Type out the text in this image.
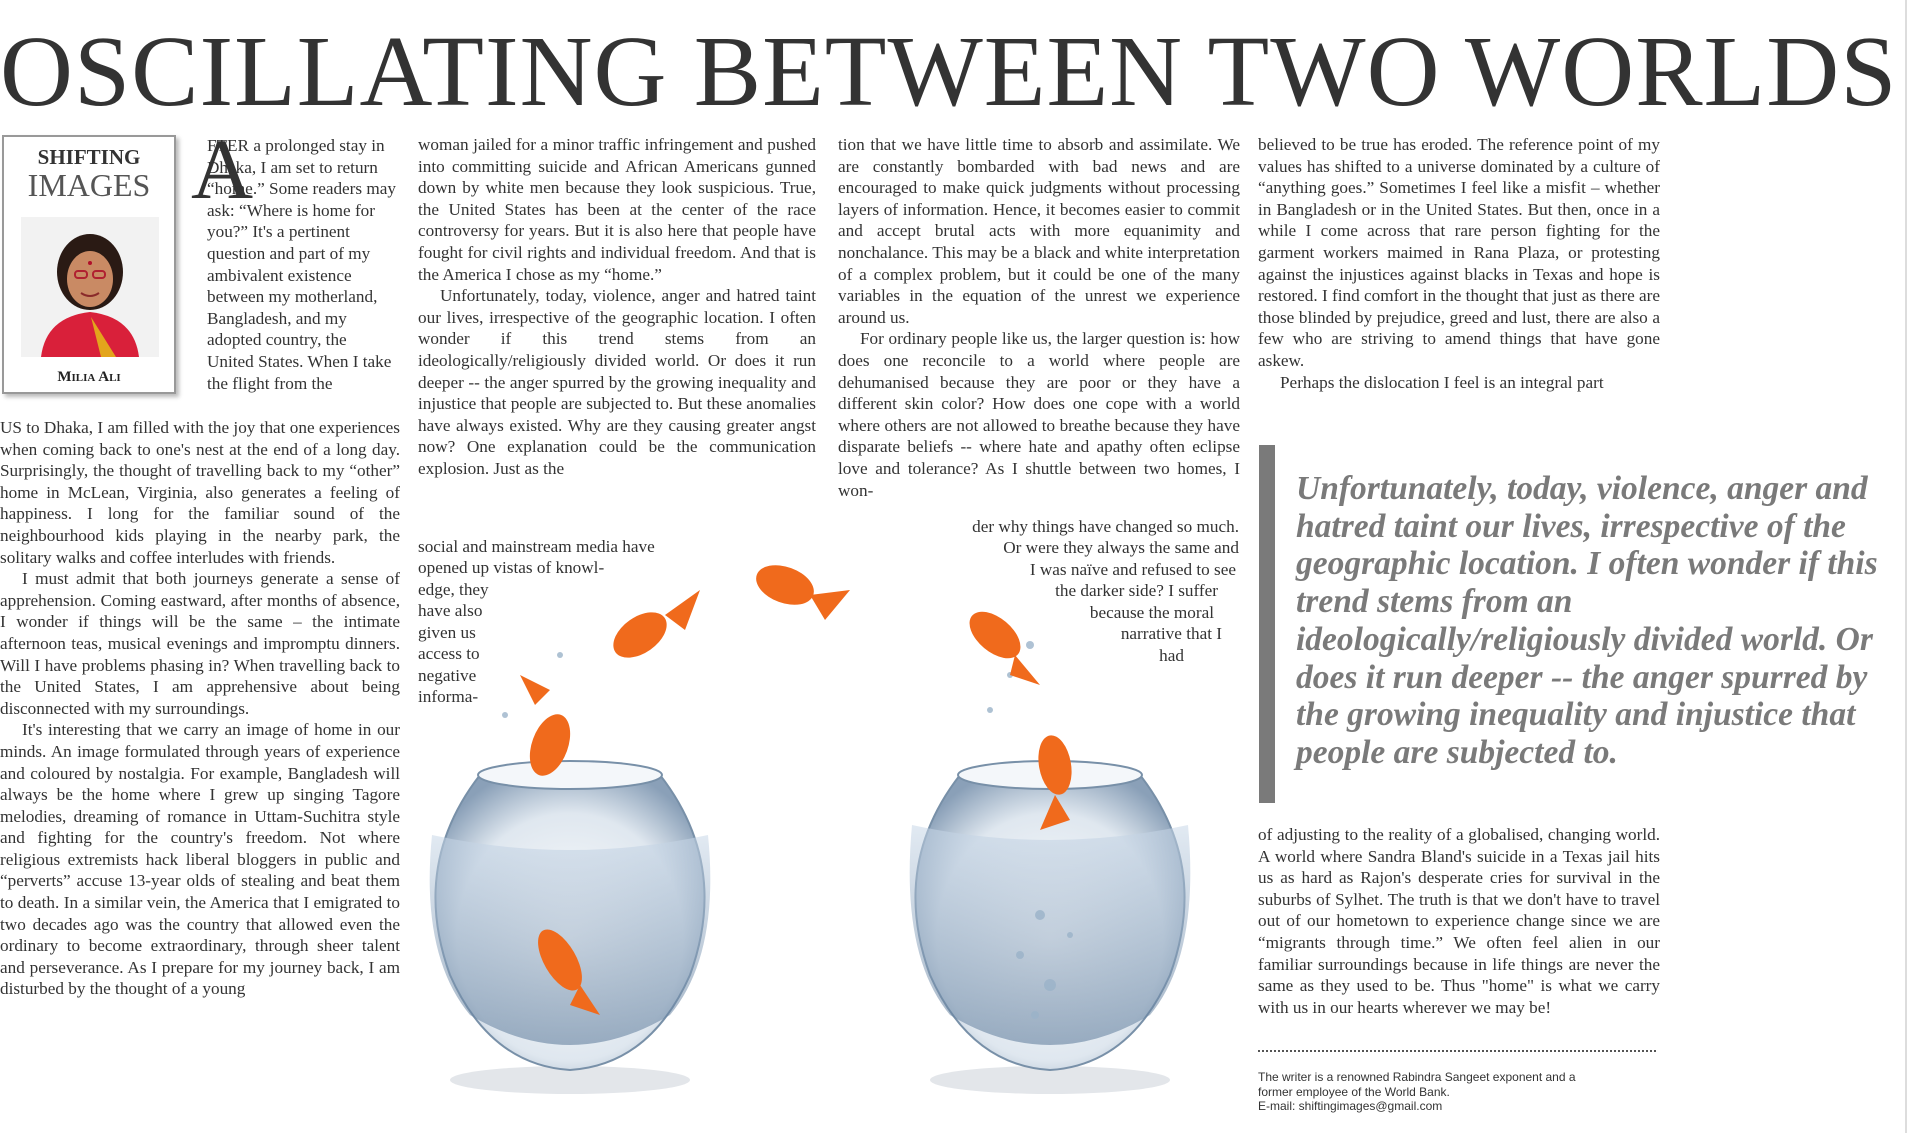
OSCILLATING BETWEEN TWO WORLDS
SHIFTING
IMAGES
Milia Ali
A

FTER a prolonged stay in Dhaka, I am set to return “home.” Some readers may ask: “Where is home for you?” It's a pertinent question and part of my ambivalent existence between my motherland, Bangladesh, and my adopted country, the United States. When I take the flight from the

US to Dhaka, I am filled with the joy that one experiences when coming back to one's nest at the end of a long day. Surprisingly, the thought of travelling back to my “other” home in McLean, Virginia, also generates a feeling of happiness. I long for the familiar sound of the neighbourhood kids playing in the nearby park, the solitary walks and coffee interludes with friends.

I must admit that both journeys generate a sense of apprehension. Coming eastward, after months of absence, I wonder if things will be the same – the intimate afternoon teas, musical evenings and impromptu dinners. Will I have problems phasing in? When travelling back to the United States, I am apprehensive about being disconnected with my surroundings.

It's interesting that we carry an image of home in our minds. An image formulated through years of experience and coloured by nostalgia. For example, Bangladesh will always be the home where I grew up singing Tagore melodies, dreaming of romance in Uttam-Suchitra style and fighting for the country's freedom. Not where religious extremists hack liberal bloggers in public and “perverts” accuse 13-year olds of stealing and beat them to death. In a similar vein, the America that I emigrated to two decades ago was the country that allowed even the ordinary to become extraordinary, through sheer talent and perseverance. As I prepare for my journey back, I am disturbed by the thought of a young

woman jailed for a minor traffic infringement and pushed into committing suicide and African Americans gunned down by white men because they look suspicious. True, the United States has been at the center of the race controversy for years. But it is also here that people have fought for civil rights and individual freedom. And that is the America I chose as my “home.”

Unfortunately, today, violence, anger and hatred taint our lives, irrespective of the geographic location. I often wonder if this trend stems from an ideologically/religiously divided world. Or does it run deeper -- the anger spurred by the growing inequality and injustice that people are subjected to. But these anomalies have always existed. Why are they causing greater angst now? One explanation could be the communication explosion. Just as the

social and mainstream media have
opened up vistas of knowl-
edge, they
have also
given us
access to
negative
informa-

tion that we have little time to absorb and assimilate. We are constantly bombarded with bad news and are encouraged to make quick judgments without processing layers of information. Hence, it becomes easier to commit and accept brutal acts with more equanimity and nonchalance. This may be a black and white interpretation of a complex problem, but it could be one of the many variables in the equation of the unrest we experience around us.

For ordinary people like us, the larger question is: how does one reconcile to a world where people are dehumanised because they are poor or they have a different skin color? How does one cope with a world where others are not allowed to breathe because they have disparate beliefs -- where hate and apathy often eclipse love and tolerance? As I shuttle between two homes, I won-

der why things have changed so much.
Or were they always the same and
I was naïve and refused to see
the darker side? I suffer
because the moral
narrative that I
had

believed to be true has eroded. The reference point of my values has shifted to a universe dominated by a culture of “anything goes.” Sometimes I feel like a misfit – whether in Bangladesh or in the United States. But then, once in a while I come across that rare person fighting for the garment workers maimed in Rana Plaza, or protesting against the injustices against blacks in Texas and hope is restored. I find comfort in the thought that just as there are those blinded by prejudice, greed and lust, there are also a few who are striving to amend things that have gone askew.

Perhaps the dislocation I feel is an integral part

Unfortunately, today, violence, anger and hatred taint our lives, irrespective of the geographic location. I often wonder if this trend stems from an ideologically/religiously divided world. Or does it run deeper -- the anger spurred by the growing inequality and injustice that people are subjected to.

of adjusting to the reality of a globalised, changing world. A world where Sandra Bland's suicide in a Texas jail hits us as hard as Rajon's desperate cries for survival in the suburbs of Sylhet. The truth is that we don't have to travel out of our hometown to experience change since we are “migrants through time.” We often feel alien in our familiar surroundings because in life things are never the same as they used to be. Thus "home" is what we carry with us in our hearts wherever we may be!

The writer is a renowned Rabindra Sangeet exponent and a
former employee of the World Bank.
E-mail: shiftingimages@gmail.com
